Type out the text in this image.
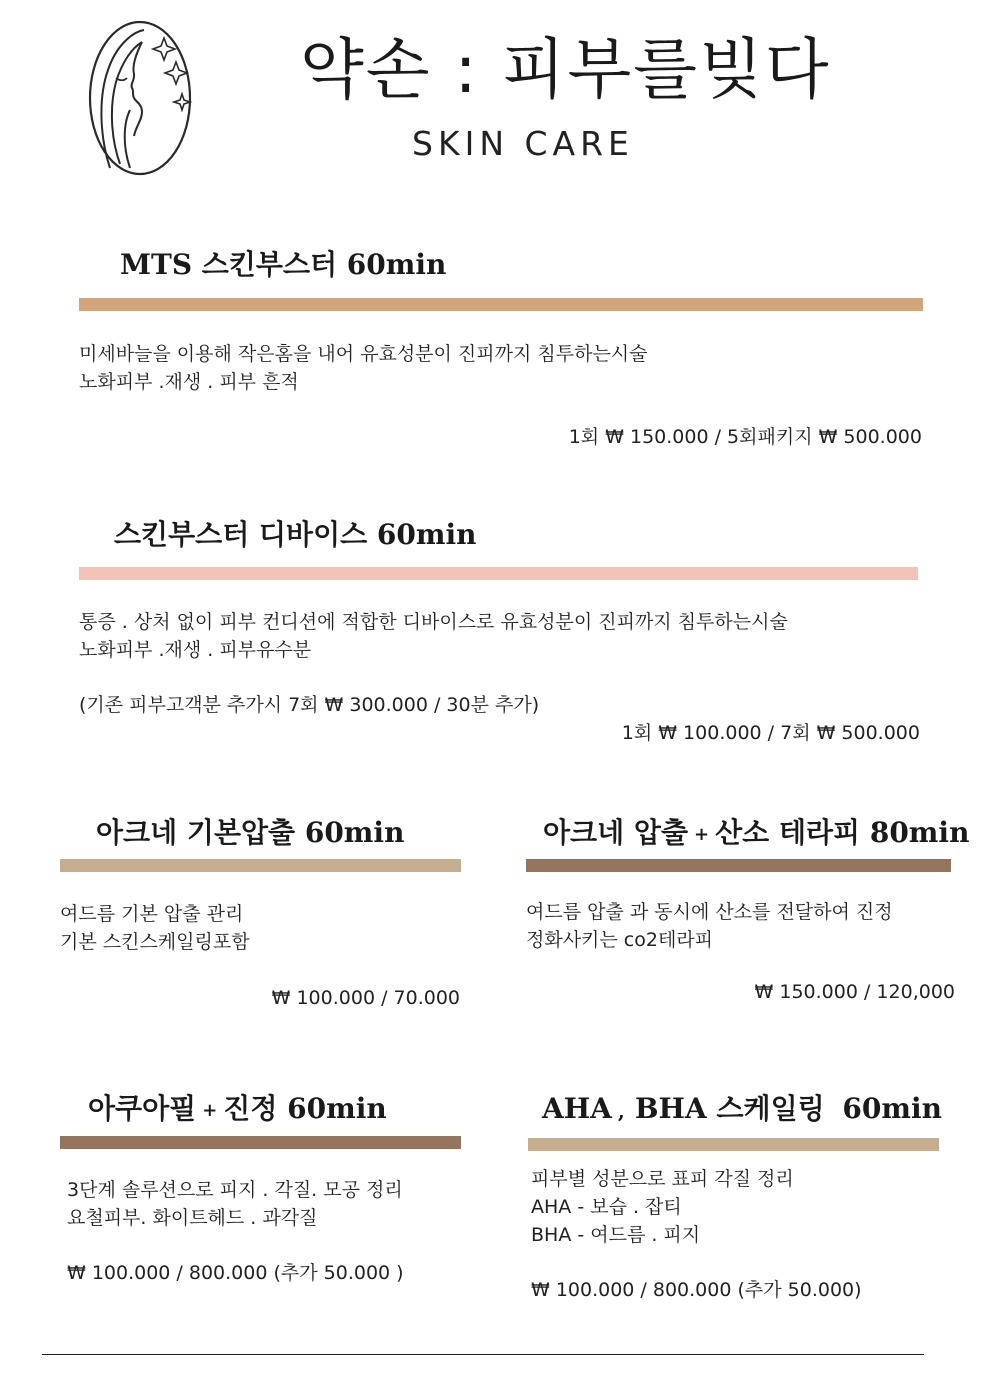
약손 : 피부를빚다
SKIN CARE
MTS 스킨부스터 60min
미세바늘을 이용해 작은홈을 내어 유효성분이 진피까지 침투하는시술
노화피부 .재생 . 피부 흔적
1회 ₩ 150.000 / 5회패키지 ₩ 500.000
스킨부스터 디바이스 60min
통증 . 상처 없이 피부 컨디션에 적합한 디바이스로 유효성분이 진피까지 침투하는시술
노화피부 .재생 . 피부유수분
(기존 피부고객분 추가시 7회 ₩ 300.000 / 30분 추가)
1회 ₩ 100.000 / 7회 ₩ 500.000
아크네 기본압출 60min
여드름 기본 압출 관리
기본 스킨스케일링포함
₩ 100.000 / 70.000
아크네 압출 + 산소 테라피 80min
여드름 압출 과 동시에 산소를 전달하여 진정
정화사키는 co2테라피
₩ 150.000 / 120,000
아쿠아필 + 진정 60min
3단계 솔루션으로 피지 . 각질. 모공 정리
요철피부. 화이트헤드 . 과각질
₩ 100.000 / 800.000 (추가 50.000 )
AHA , BHA 스케일링 60min
피부별 성분으로 표피 각질 정리
AHA - 보습 . 잡티
BHA - 여드름 . 피지
₩ 100.000 / 800.000 (추가 50.000)
